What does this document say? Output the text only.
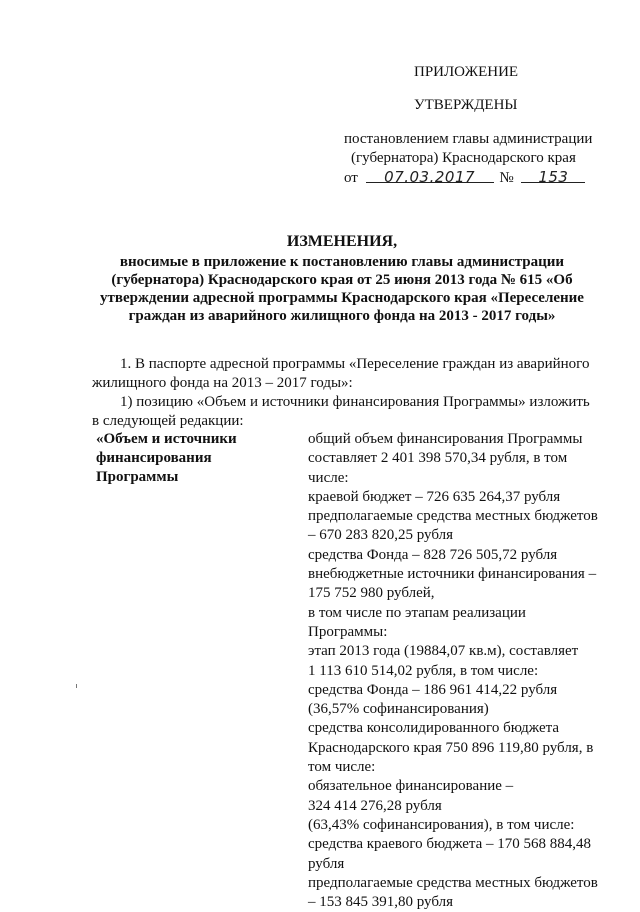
ПРИЛОЖЕНИЕ
УТВЕРЖДЕНЫ
постановлением главы администрации
(губернатора) Краснодарского края
от 07.03.2017 № 153
ИЗМЕНЕНИЯ,
вносимые в приложение к постановлению главы администрации
(губернатора) Краснодарского края от 25 июня 2013 года № 615 «Об
утверждении адресной программы Краснодарского края «Переселение
граждан из аварийного жилищного фонда на 2013 - 2017 годы»
1. В паспорте адресной программы «Переселение граждан из аварийного
жилищного фонда на 2013 – 2017 годы»:
1) позицию «Объем и источники финансирования Программы» изложить
в следующей редакции:
«Объем и источники
финансирования
Программы
общий объем финансирования Программы
составляет 2 401 398 570,34 рубля, в том
числе:
краевой бюджет – 726 635 264,37 рубля
предполагаемые средства местных бюджетов
– 670 283 820,25 рубля
средства Фонда – 828 726 505,72 рубля
внебюджетные источники финансирования –
175 752 980 рублей,
в том числе по этапам реализации
Программы:
этап 2013 года (19884,07 кв.м), составляет
1 113 610 514,02 рубля, в том числе:
средства Фонда – 186 961 414,22 рубля
(36,57% софинансирования)
средства консолидированного бюджета
Краснодарского края 750 896 119,80 рубля, в
том числе:
обязательное финансирование –
324 414 276,28 рубля
(63,43% софинансирования), в том числе:
средства краевого бюджета – 170 568 884,48
рубля
предполагаемые средства местных бюджетов
– 153 845 391,80 рубля
